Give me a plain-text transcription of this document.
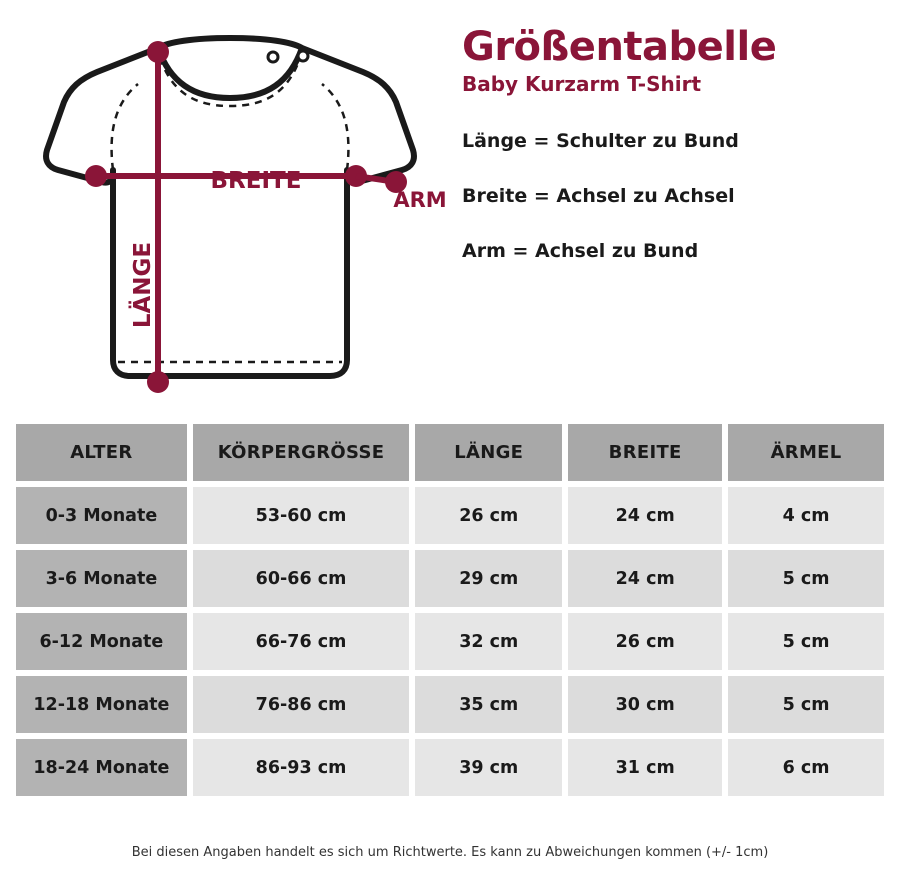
BREITE
ARM
LÄNGE
Größentabelle
Baby Kurzarm T-Shirt
Länge = Schulter zu Bund
Breite = Achsel zu Achsel
Arm = Achsel zu Bund
ALTER	KÖRPERGRÖSSE	LÄNGE	BREITE	ÄRMEL
0-3 Monate	53-60 cm	26 cm	24 cm	4 cm
3-6 Monate	60-66 cm	29 cm	24 cm	5 cm
6-12 Monate	66-76 cm	32 cm	26 cm	5 cm
12-18 Monate	76-86 cm	35 cm	30 cm	5 cm
18-24 Monate	86-93 cm	39 cm	31 cm	6 cm
Bei diesen Angaben handelt es sich um Richtwerte. Es kann zu Abweichungen kommen (+/- 1cm)
